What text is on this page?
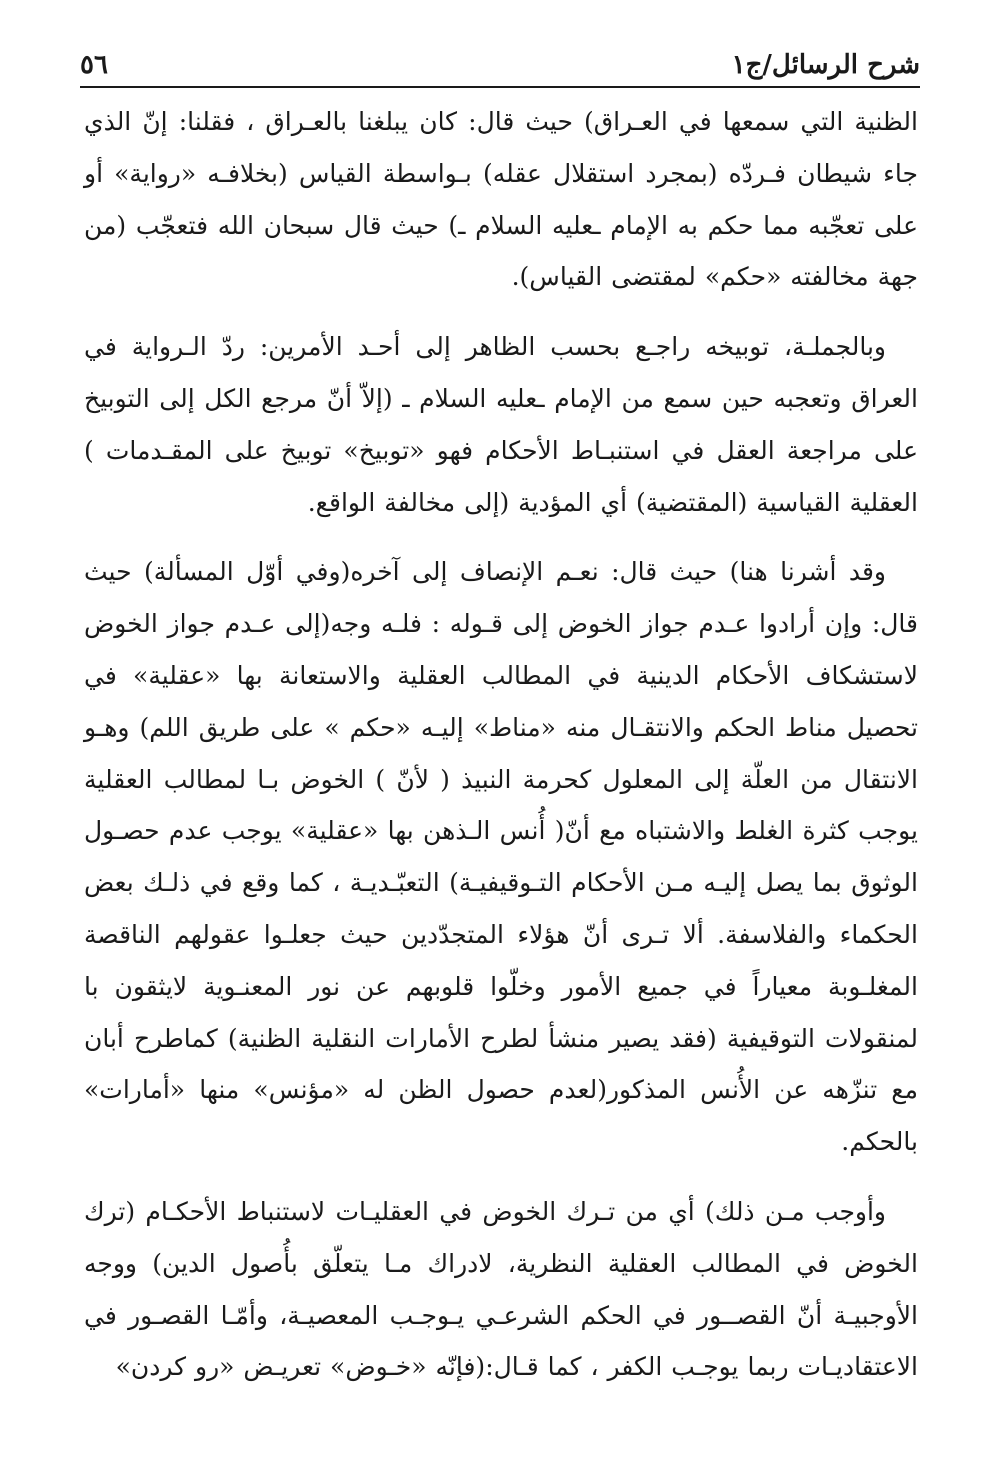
شرح الرسائل/ج١
٥٦

الظنية التي سمعها في العـراق) حيث قال: كان يبلغنا بالعـراق ، فقلنا: إنّ الذي جاء شيطان فـردّه (بمجرد استقلال عقله) بـواسطة القياس (بخلافـه «رواية» أو على تعجّبه مما حكم به الإمام ـعليه السلام ـ) حيث قال سبحان الله فتعجّب (من جهة مخالفته «حكم» لمقتضى القياس).

وبالجملـة، توبيخه راجـع بحسب الظاهر إلى أحـد الأمرين: ردّ الـرواية في العراق وتعجبه حين سمع من الإمام ـعليه السلام ـ (إلاّ أنّ مرجع الكل إلى التوبيخ على مراجعة العقل في استنبـاط الأحكام فهو «توبيخ» توبيخ على المقـدمات ) العقلية القياسية (المقتضية) أي المؤدية (إلى مخالفة الواقع.

وقد أشرنا هنا) حيث قال: نعـم الإنصاف إلى آخره(وفي أوّل المسألة) حيث قال: وإن أرادوا عـدم جواز الخوض إلى قـوله : فلـه وجه(إلى عـدم جواز الخوض لاستشكاف الأحكام الدينية في المطالب العقلية والاستعانة بها «عقلية» في تحصيل مناط الحكم والانتقـال منه «مناط» إليـه «حكم » على طريق اللم) وهـو الانتقال من العلّة إلى المعلول كحرمة النبيذ ( لأنّ ) الخوض بـا لمطالب العقلية يوجب كثرة الغلط والاشتباه مع أنّ( أُنس الـذهن بها «عقلية» يوجب عدم حصـول الوثوق بما يصل إليـه مـن الأحكام التـوقيفيـة) التعبّـديـة ، كما وقع في ذلـك بعض الحكماء والفلاسفة. ألا تـرى أنّ هؤلاء المتجدّدين حيث جعلـوا عقولهم الناقصة المغلـوبة معياراً في جميع الأمور وخلّوا قلوبهم عن نور المعنـوية لايثقون با لمنقولات التوقيفية (فقد يصير منشأ لطرح الأمارات النقلية الظنية) كماطرح أبان مع تنزّهه عن الأُنس المذكور(لعدم حصول الظن له «مؤنس» منها «أمارات» بالحكم.

وأوجب مـن ذلك) أي من تـرك الخوض في العقليـات لاستنباط الأحكـام (ترك الخوض في المطالب العقلية النظرية، لادراك مـا يتعلّق بأُصول الدين) ووجه الأوجبيـة أنّ القصــور في الحكم الشرعـي يـوجـب المعصيـة، وأمّـا القصـور في الاعتقاديـات ربما يوجـب الكفر ، كما قـال:(فإنّه «خـوض» تعريـض «رو كردن»
